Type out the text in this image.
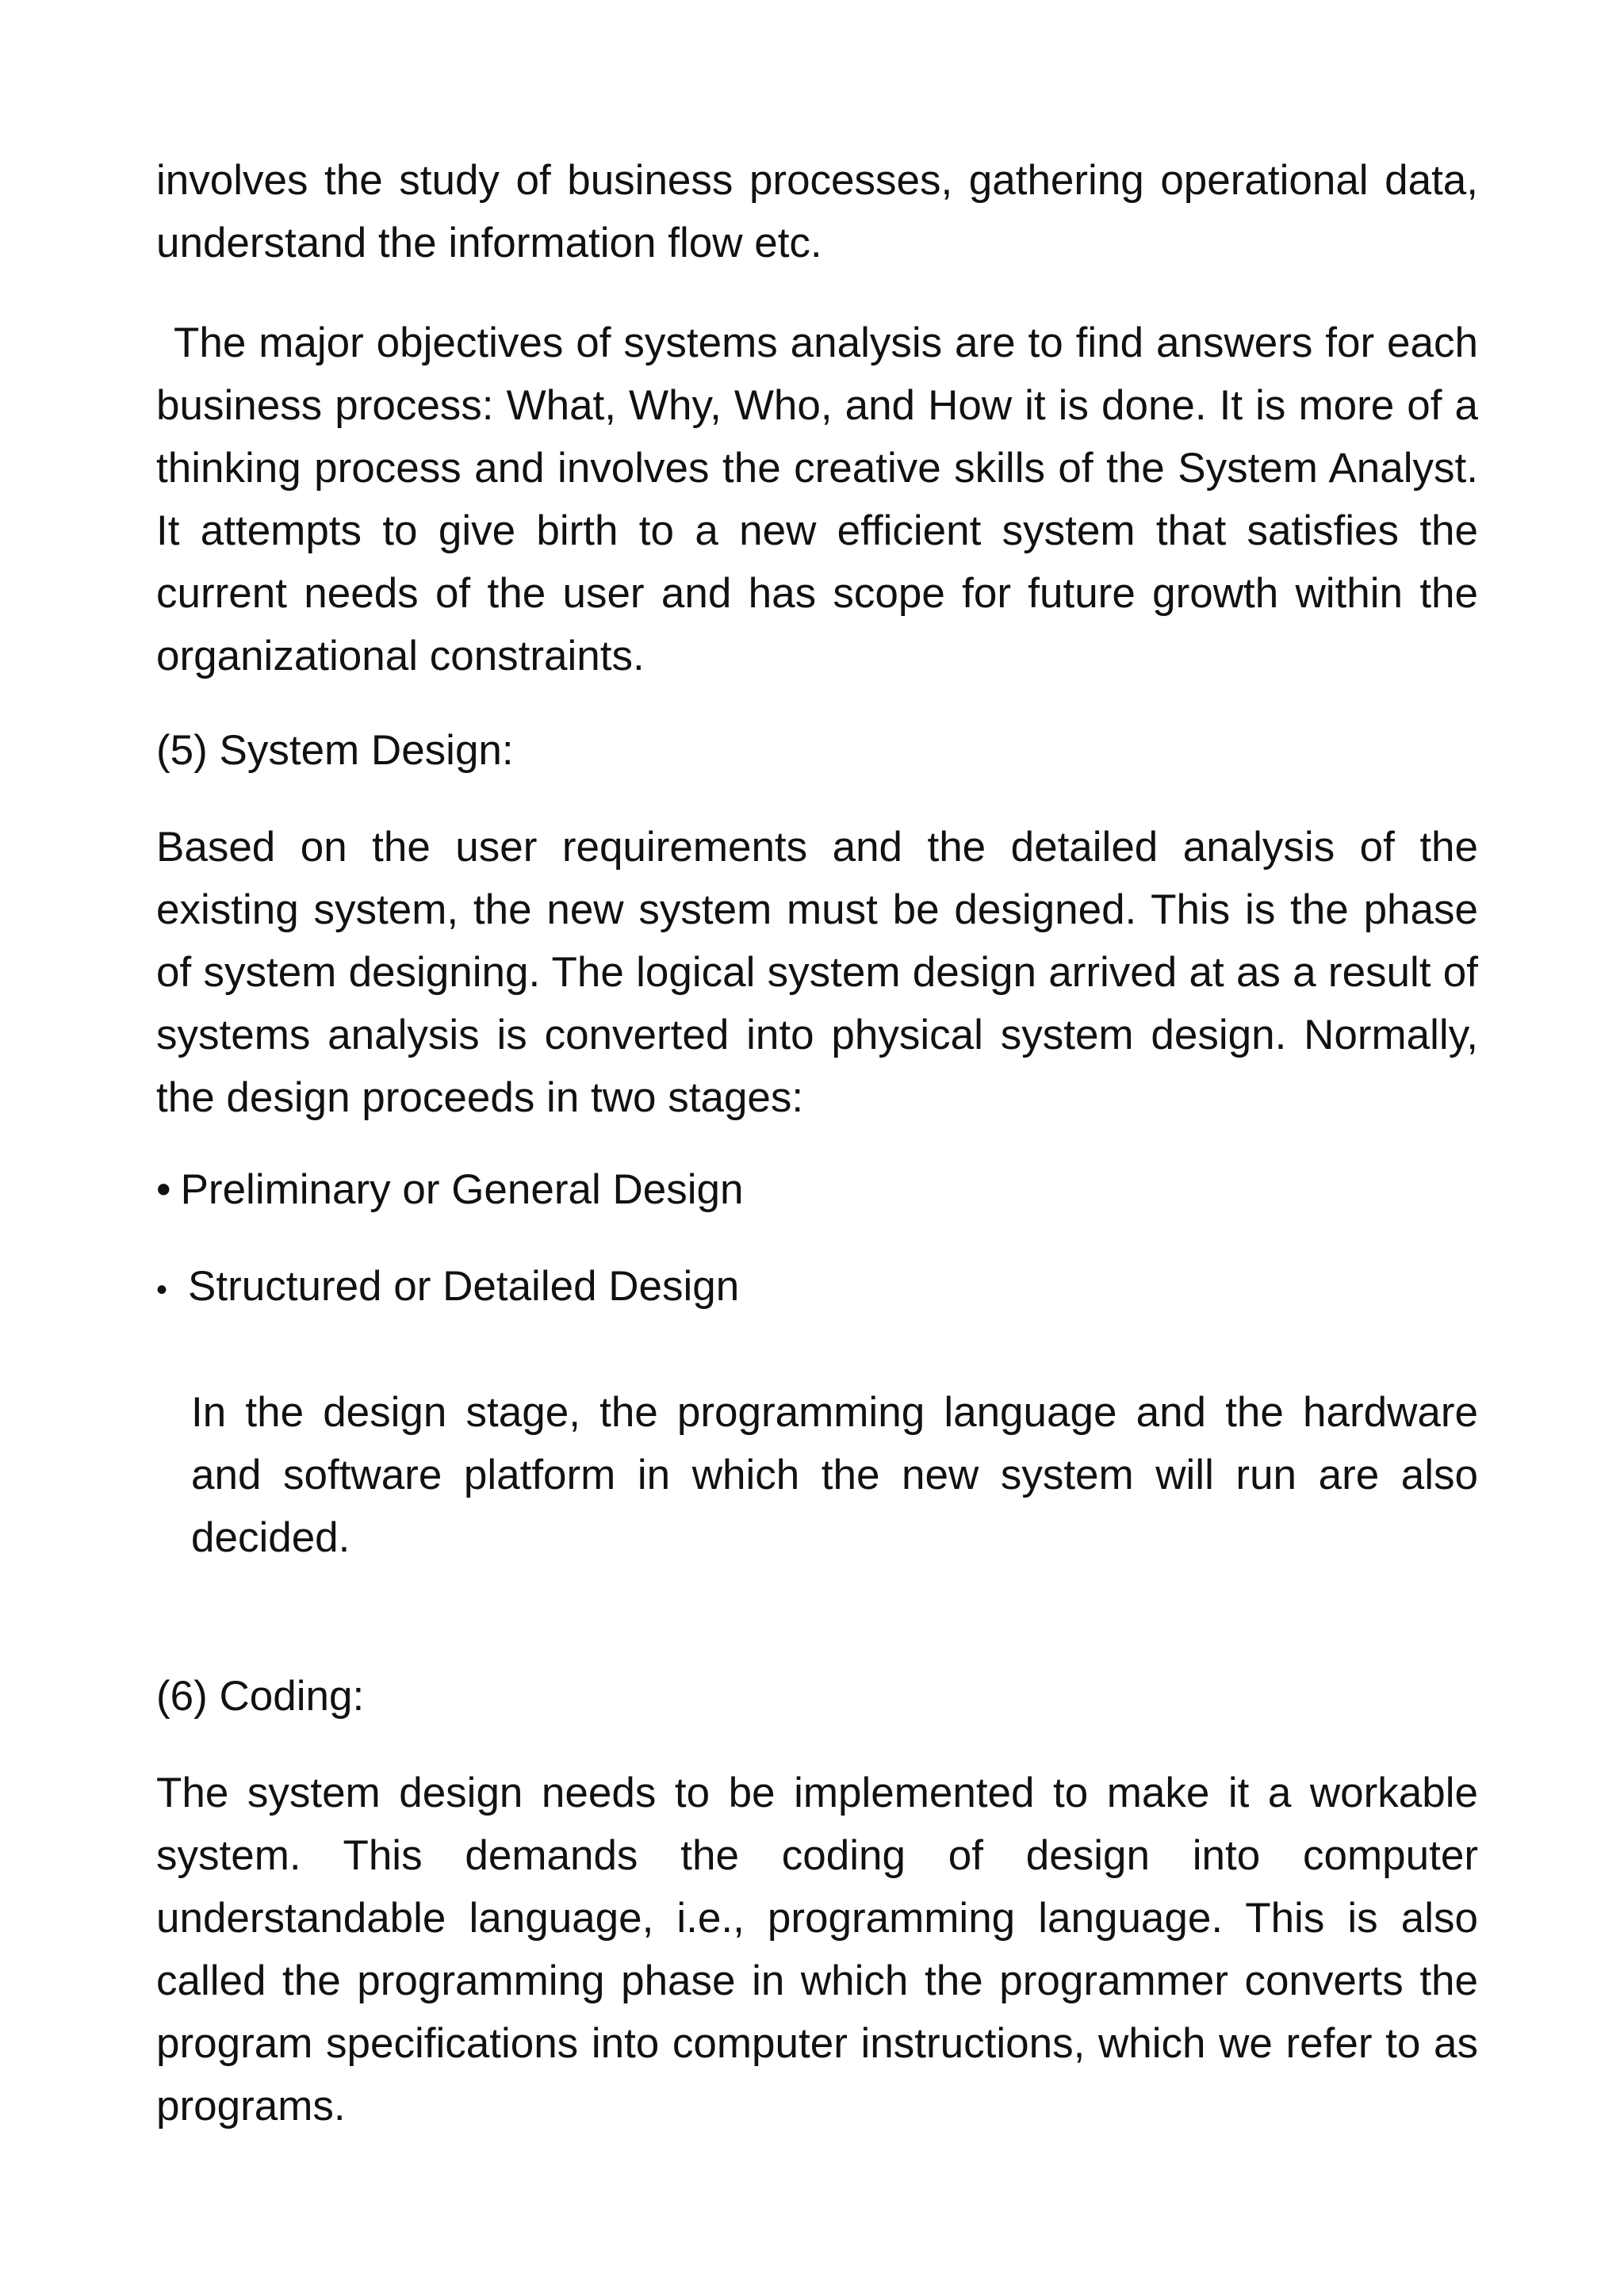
involves the study of business processes, gathering operational data, understand the information flow etc.

The major objectives of systems analysis are to find answers for each business process: What, Why, Who, and How it is done. It is more of a thinking process and involves the creative skills of the System Analyst. It attempts to give birth to a new efficient system that satisfies the current needs of the user and has scope for future growth within the organizational constraints.

(5) System Design:

Based on the user requirements and the detailed analysis of the existing system, the new system must be designed. This is the phase of system designing. The logical system design arrived at as a result of systems analysis is converted into physical system design. Normally, the design proceeds in two stages:

• Preliminary or General Design

• Structured or Detailed Design

In the design stage, the programming language and the hardware and software platform in which the new system will run are also decided.

(6) Coding:

The system design needs to be implemented to make it a workable system. This demands the coding of design into computer understandable language, i.e., programming language. This is also called the programming phase in which the programmer converts the program specifications into computer instructions, which we refer to as programs.
